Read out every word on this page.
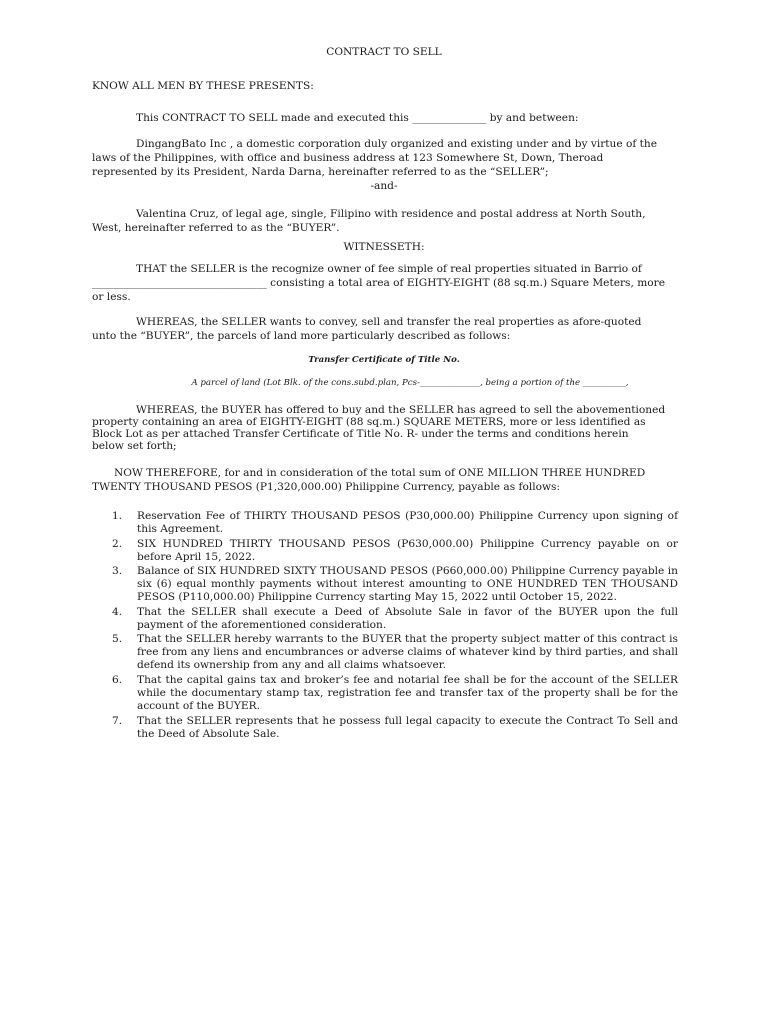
CONTRACT TO SELL

KNOW ALL MEN BY THESE PRESENTS:

This CONTRACT TO SELL made and executed this ______________ by and between:

DingangBato Inc , a domestic corporation duly organized and existing under and by virtue of the

laws of the Philippines, with office and business address at 123 Somewhere St, Down, Theroad

represented by its President, Narda Darna, hereinafter referred to as the “SELLER”;

-and-

Valentina Cruz, of legal age, single, Filipino with residence and postal address at North South,

West, hereinafter referred to as the “BUYER”.

WITNESSETH:

THAT the SELLER is the recognize owner of fee simple of real properties situated in Barrio of

_________________________________ consisting a total area of EIGHTY-EIGHT (88 sq.m.) Square Meters, more

or less.

WHEREAS, the SELLER wants to convey, sell and transfer the real properties as afore-quoted

unto the “BUYER”, the parcels of land more particularly described as follows:

Transfer Certificate of Title No.

A parcel of land (Lot Blk. of the cons.subd.plan, Pcs-______________, being a portion of the __________,

WHEREAS, the BUYER has offered to buy and the SELLER has agreed to sell the abovementioned

property containing an area of EIGHTY-EIGHT (88 sq.m.) SQUARE METERS, more or less identified as

Block Lot as per attached Transfer Certificate of Title No. R- under the terms and conditions herein

below set forth;

NOW THEREFORE, for and in consideration of the total sum of ONE MILLION THREE HUNDRED

TWENTY THOUSAND PESOS (P1,320,000.00) Philippine Currency, payable as follows:

1. Reservation Fee of THIRTY THOUSAND PESOS (P30,000.00) Philippine Currency upon signing of this Agreement.
2. SIX HUNDRED THIRTY THOUSAND PESOS (P630,000.00) Philippine Currency payable on or before April 15, 2022.
3. Balance of SIX HUNDRED SIXTY THOUSAND PESOS (P660,000.00) Philippine Currency payable in six (6) equal monthly payments without interest amounting to ONE HUNDRED TEN THOUSAND PESOS (P110,000.00) Philippine Currency starting May 15, 2022 until October 15, 2022.
4. That the SELLER shall execute a Deed of Absolute Sale in favor of the BUYER upon the full payment of the aforementioned consideration.
5. That the SELLER hereby warrants to the BUYER that the property subject matter of this contract is free from any liens and encumbrances or adverse claims of whatever kind by third parties, and shall defend its ownership from any and all claims whatsoever.
6. That the capital gains tax and broker’s fee and notarial fee shall be for the account of the SELLER while the documentary stamp tax, registration fee and transfer tax of the property shall be for the account of the BUYER.
7. That the SELLER represents that he possess full legal capacity to execute the Contract To Sell and the Deed of Absolute Sale.
